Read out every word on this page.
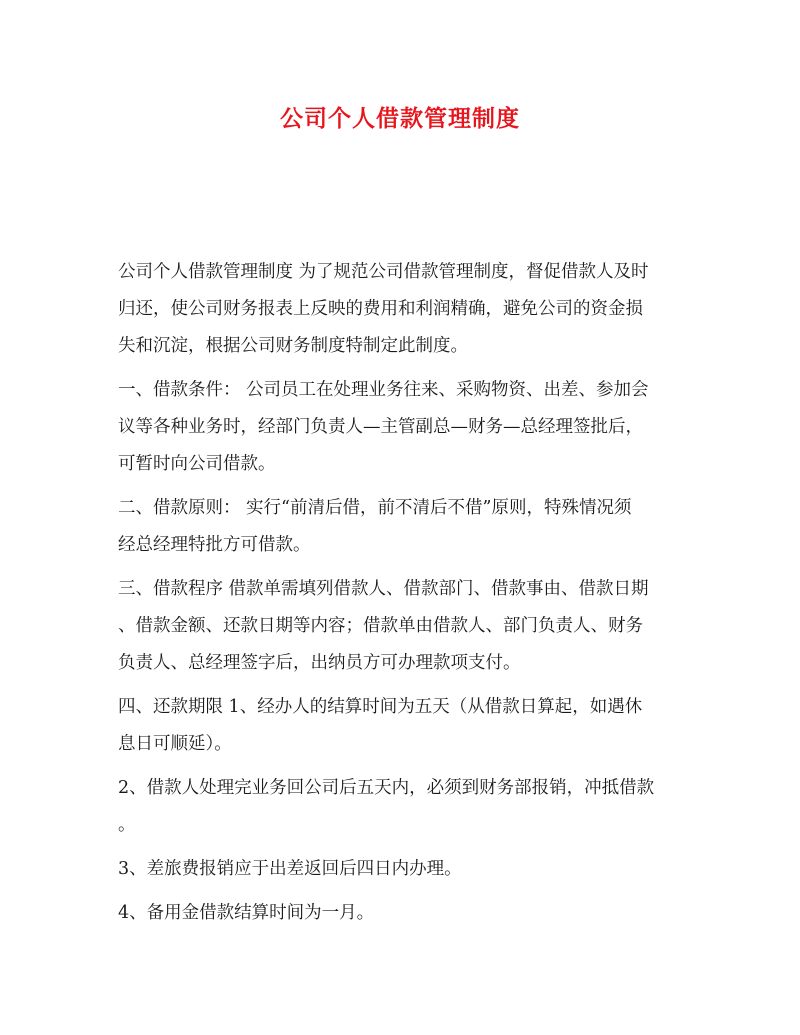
公司个人借款管理制度

公司个人借款管理制度 为了规范公司借款管理制度，督促借款人及时
归还，使公司财务报表上反映的费用和利润精确，避免公司的资金损
失和沉淀，根据公司财务制度特制定此制度。

一、借款条件： 公司员工在处理业务往来、采购物资、出差、参加会
议等各种业务时，经部门负责人—主管副总—财务—总经理签批后，
可暂时向公司借款。

二、借款原则： 实行“前清后借，前不清后不借”原则，特殊情况须
经总经理特批方可借款。

三、借款程序 借款单需填列借款人、借款部门、借款事由、借款日期
、借款金额、还款日期等内容；借款单由借款人、部门负责人、财务
负责人、总经理签字后，出纳员方可办理款项支付。

四、还款期限 1、经办人的结算时间为五天（从借款日算起，如遇休
息日可顺延）。

2、借款人处理完业务回公司后五天内，必须到财务部报销，冲抵借款
。

3、差旅费报销应于出差返回后四日内办理。

4、备用金借款结算时间为一月。
